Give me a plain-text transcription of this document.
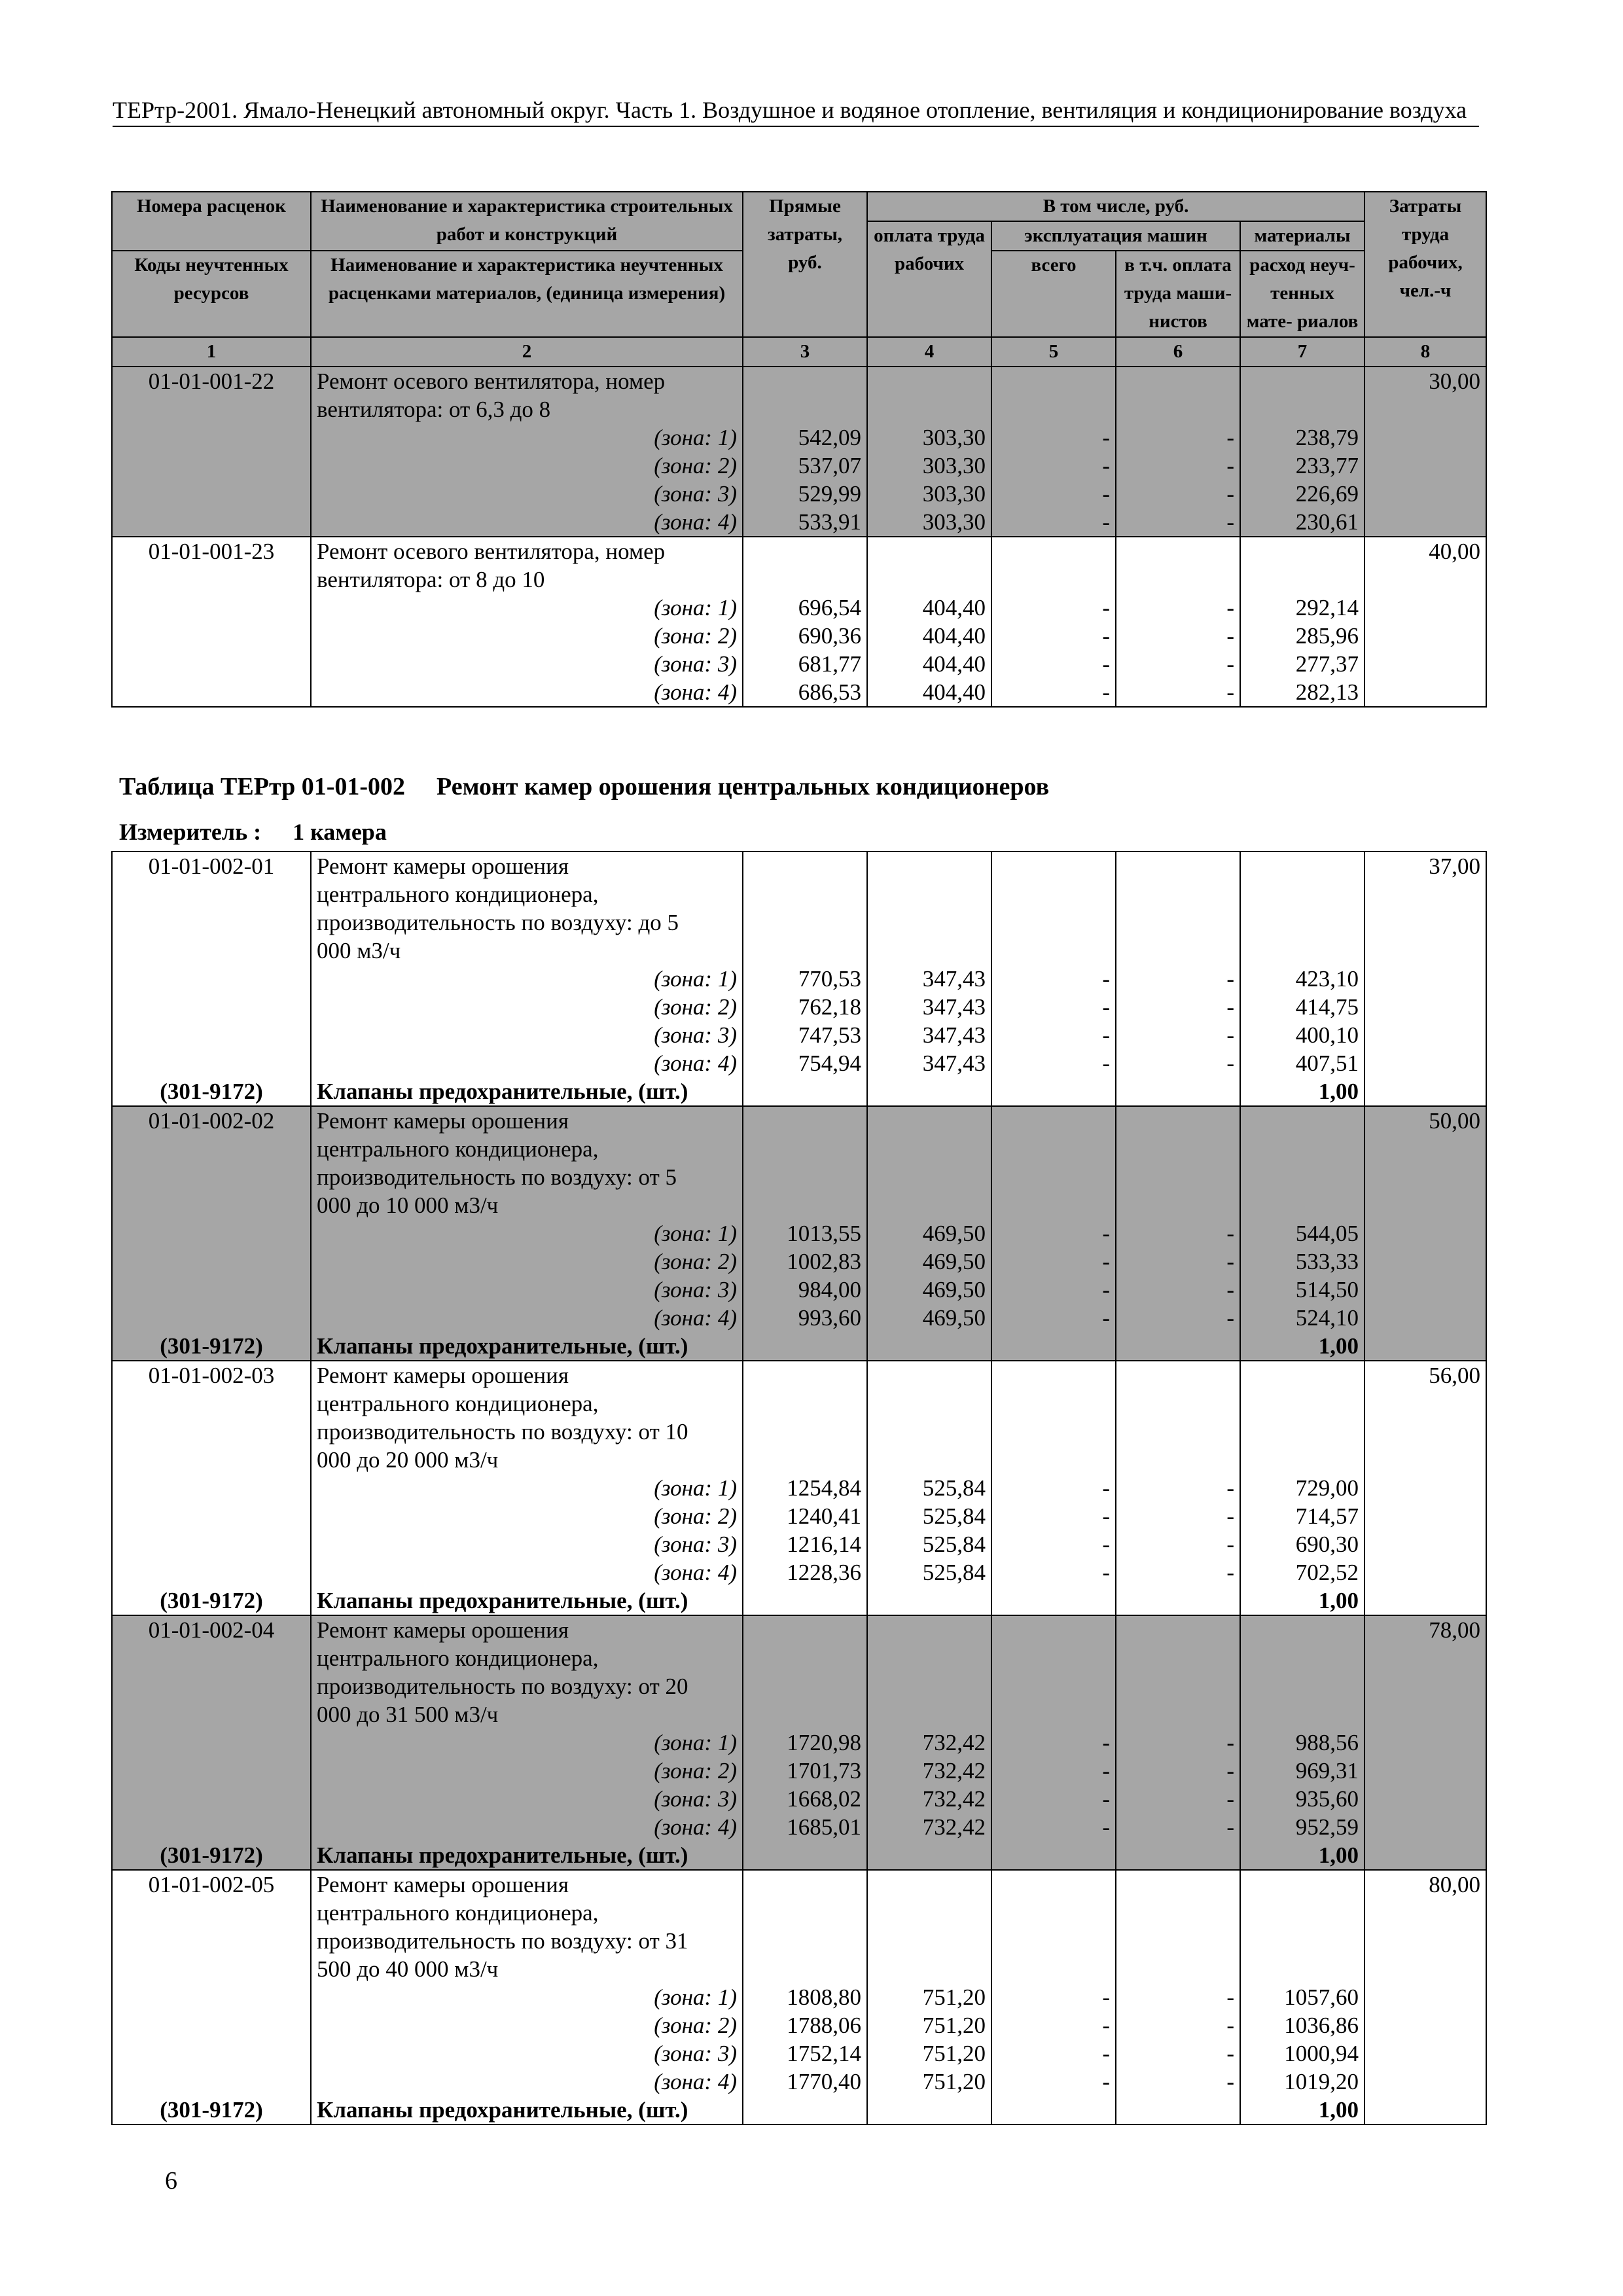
ТЕРтр-2001. Ямало-Ненецкий автономный округ. Часть 1. Воздушное и водяное отопление, вентиляция и кондиционирование воздуха
Номера расценок	Наименование и характеристика строительных работ и конструкций	Прямые затраты, руб.	В том числе, руб.				Затраты труда рабочих, чел.-ч
			оплата труда рабочих	эксплуатация машин		материалы	
Коды неучтенных ресурсов	Наименование и характеристика неучтенных расценками материалов, (единица измерения)			всего	в т.ч. оплата труда маши- нистов	расход неуч- тенных мате- риалов	

1	2	3	4	5	6	7	8
01-01-001-22	Ремонт осевого вентилятора, номер вентилятора: от 6,3 до 8						30,00

	(зона: 1)	542,09	303,30	-	-	238,79	
	(зона: 2)	537,07	303,30	-	-	233,77	
	(зона: 3)	529,99	303,30	-	-	226,69	
	(зона: 4)	533,91	303,30	-	-	230,61	
01-01-001-23	Ремонт осевого вентилятора, номер вентилятора: от 8 до 10						40,00

	(зона: 1)	696,54	404,40	-	-	292,14	
	(зона: 2)	690,36	404,40	-	-	285,96	
	(зона: 3)	681,77	404,40	-	-	277,37	
	(зона: 4)	686,53	404,40	-	-	282,13	
Таблица ТЕРтр 01-01-002 Ремонт камер орошения центральных кондиционеров
Измеритель : 1 камера
01-01-002-01	Ремонт камеры орошения						37,00
	центрального кондиционера,						
	производительность по воздуху: до 5						
	000 м3/ч						
	(зона: 1)	770,53	347,43	-	-	423,10	
	(зона: 2)	762,18	347,43	-	-	414,75	
	(зона: 3)	747,53	347,43	-	-	400,10	
	(зона: 4)	754,94	347,43	-	-	407,51	
(301-9172)	Клапаны предохранительные, (шт.)					1,00	
01-01-002-02	Ремонт камеры орошения						50,00
	центрального кондиционера,						
	производительность по воздуху: от 5						
	000 до 10 000 м3/ч						
	(зона: 1)	1013,55	469,50	-	-	544,05	
	(зона: 2)	1002,83	469,50	-	-	533,33	
	(зона: 3)	984,00	469,50	-	-	514,50	
	(зона: 4)	993,60	469,50	-	-	524,10	
(301-9172)	Клапаны предохранительные, (шт.)					1,00	
01-01-002-03	Ремонт камеры орошения						56,00
	центрального кондиционера,						
	производительность по воздуху: от 10						
	000 до 20 000 м3/ч						
	(зона: 1)	1254,84	525,84	-	-	729,00	
	(зона: 2)	1240,41	525,84	-	-	714,57	
	(зона: 3)	1216,14	525,84	-	-	690,30	
	(зона: 4)	1228,36	525,84	-	-	702,52	
(301-9172)	Клапаны предохранительные, (шт.)					1,00	
01-01-002-04	Ремонт камеры орошения						78,00
	центрального кондиционера,						
	производительность по воздуху: от 20						
	000 до 31 500 м3/ч						
	(зона: 1)	1720,98	732,42	-	-	988,56	
	(зона: 2)	1701,73	732,42	-	-	969,31	
	(зона: 3)	1668,02	732,42	-	-	935,60	
	(зона: 4)	1685,01	732,42	-	-	952,59	
(301-9172)	Клапаны предохранительные, (шт.)					1,00	
01-01-002-05	Ремонт камеры орошения						80,00
	центрального кондиционера,						
	производительность по воздуху: от 31						
	500 до 40 000 м3/ч						
	(зона: 1)	1808,80	751,20	-	-	1057,60	
	(зона: 2)	1788,06	751,20	-	-	1036,86	
	(зона: 3)	1752,14	751,20	-	-	1000,94	
	(зона: 4)	1770,40	751,20	-	-	1019,20	
(301-9172)	Клапаны предохранительные, (шт.)					1,00	
6
